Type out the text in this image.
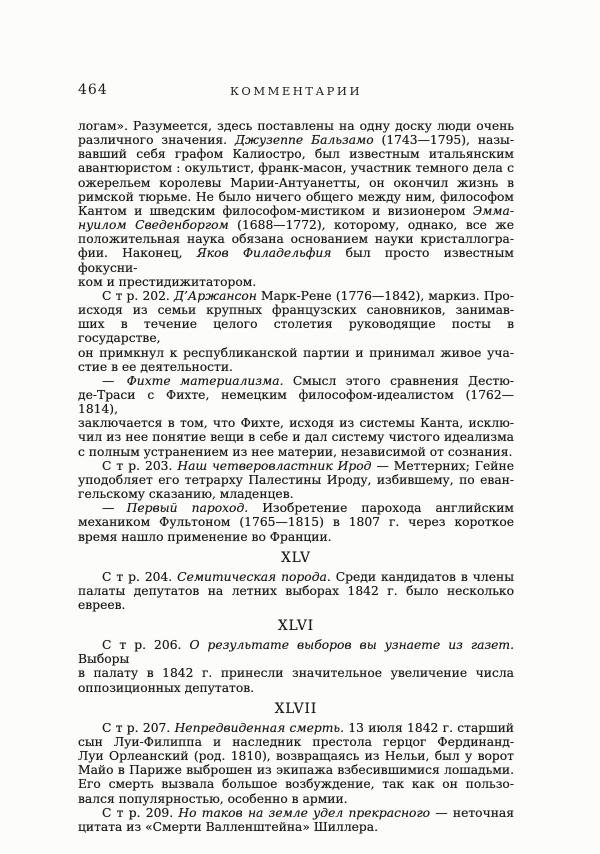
464	КОММЕНТАРИИ
логам». Разумеется, здесь поставлены на одну доску люди очень
различного значения. Джузеппе Бальзамо (1743—1795), назы-
вавший себя графом Калиостро, был известным итальянским
авантюристом : окультист, франк-масон, участник темного дела с
ожерельем королевы Марии-Антуанетты, он окончил жизнь в
римской тюрьме. Не было ничего общего между ним, философом
Кантом и шведским философом-мистиком и визионером Эмма-
нуилом Сведенборгом (1688—1772), которому, однако, все же
положительная наука обязана основанием науки кристаллогра-
фии. Наконец, Яков Филадельфия был просто известным фокусни-
ком и престидижитатором.
С т р. 202. Д’Аржансон Марк-Рене (1776—1842), маркиз. Про-
исходя из семьи крупных французских сановников, занимав-
ших в течение целого столетия руководящие посты в государстве,
он примкнул к республиканской партии и принимал живое уча-
стие в ее деятельности.
— Фихте материализма. Смысл этого сравнения Дестю-
де-Траси с Фихте, немецким философом-идеалистом (1762—1814),
заключается в том, что Фихте, исходя из системы Канта, исклю-
чил из нее понятие вещи в себе и дал систему чистого идеализма
с полным устранением из нее материи, независимой от сознания.
С т р. 203. Наш четверовластник Ирод — Меттерних; Гейне
уподобляет его тетрарху Палестины Ироду, избившему, по еван-
гельскому сказанию, младенцев.
— Первый пароход. Изобретение парохода английским
механиком Фультоном (1765—1815) в 1807 г. через короткое
время нашло применение во Франции.
XLV
С т р. 204. Семитическая порода. Среди кандидатов в члены
палаты депутатов на летних выборах 1842 г. было несколько
евреев.
XLVI
С т р. 206. О результате выборов вы узнаете из газет. Выборы
в палату в 1842 г. принесли значительное увеличение числа
оппозиционных депутатов.
XLVII
С т р. 207. Непредвиденная смерть. 13 июля 1842 г. старший
сын Луи-Филиппа и наследник престола герцог Фердинанд-
Луи Орлеанский (род. 1810), возвращаясь из Нельи, был у ворот
Майо в Париже выброшен из экипажа взбесившимися лошадьми.
Его смерть вызвала большое возбуждение, так как он пользо-
вался популярностью, особенно в армии.
С т р. 209. Но таков на земле удел прекрасного — неточная
цитата из «Смерти Валленштейна» Шиллера.
